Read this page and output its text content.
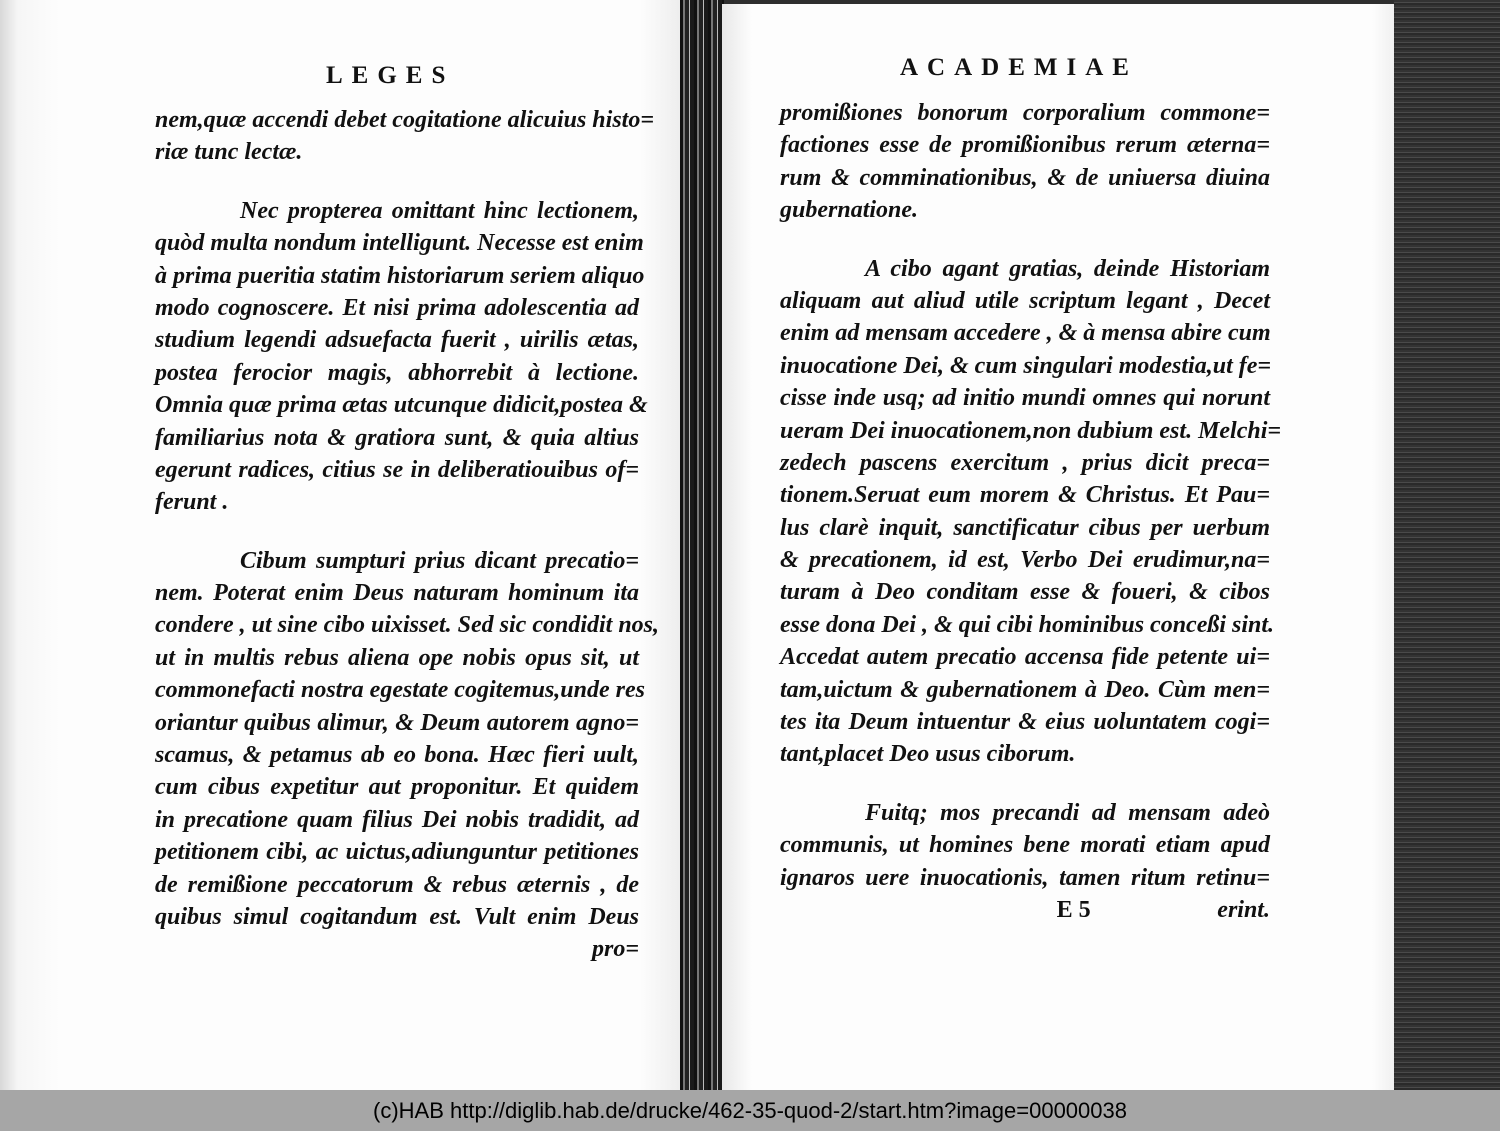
LEGES	ACADEMIAE
nem,quæ accendi debet cogitatione alicuius histo=
riæ tunc lectæ.
Nec propterea omittant hinc lectionem,
quòd multa nondum intelligunt. Necesse est enim
à prima pueritia statim historiarum seriem aliquo
modo cognoscere. Et nisi prima adolescentia ad
studium legendi adsuefacta fuerit , uirilis ætas,
postea ferocior magis, abhorrebit à lectione.
Omnia quæ prima ætas utcunque didicit,postea &
familiarius nota & gratiora sunt, & quia altius
egerunt radices, citius se in deliberatiouibus of=
ferunt .
Cibum sumpturi prius dicant precatio=
nem. Poterat enim Deus naturam hominum ita
condere , ut sine cibo uixisset. Sed sic condidit nos,
ut in multis rebus aliena ope nobis opus sit, ut
commonefacti nostra egestate cogitemus,unde res
oriantur quibus alimur, & Deum autorem agno=
scamus, & petamus ab eo bona. Hæc fieri uult,
cum cibus expetitur aut proponitur. Et quidem
in precatione quam filius Dei nobis tradidit, ad
petitionem cibi, ac uictus,adiunguntur petitiones
de remißione peccatorum & rebus æternis , de
quibus simul cogitandum est. Vult enim Deus
pro=
promißiones bonorum corporalium commone=
factiones esse de promißionibus rerum æterna=
rum & comminationibus, & de uniuersa diuina
gubernatione.
A cibo agant gratias, deinde Historiam
aliquam aut aliud utile scriptum legant , Decet
enim ad mensam accedere , & à mensa abire cum
inuocatione Dei, & cum singulari modestia,ut fe=
cisse inde usq; ad initio mundi omnes qui norunt
ueram Dei inuocationem,non dubium est. Melchi=
zedech pascens exercitum , prius dicit preca=
tionem.Seruat eum morem & Christus. Et Pau=
lus clarè inquit, sanctificatur cibus per uerbum
& precationem, id est, Verbo Dei erudimur,na=
turam à Deo conditam esse & foueri, & cibos
esse dona Dei , & qui cibi hominibus conceßi sint.
Accedat autem precatio accensa fide petente ui=
tam,uictum & gubernationem à Deo. Cùm men=
tes ita Deum intuentur & eius uoluntatem cogi=
tant,placet Deo usus ciborum.
Fuitq; mos precandi ad mensam adeò
communis, ut homines bene morati etiam apud
ignaros uere inuocationis, tamen ritum retinu=
E 5	erint.
(c)HAB http://diglib.hab.de/drucke/462-35-quod-2/start.htm?image=00000038
